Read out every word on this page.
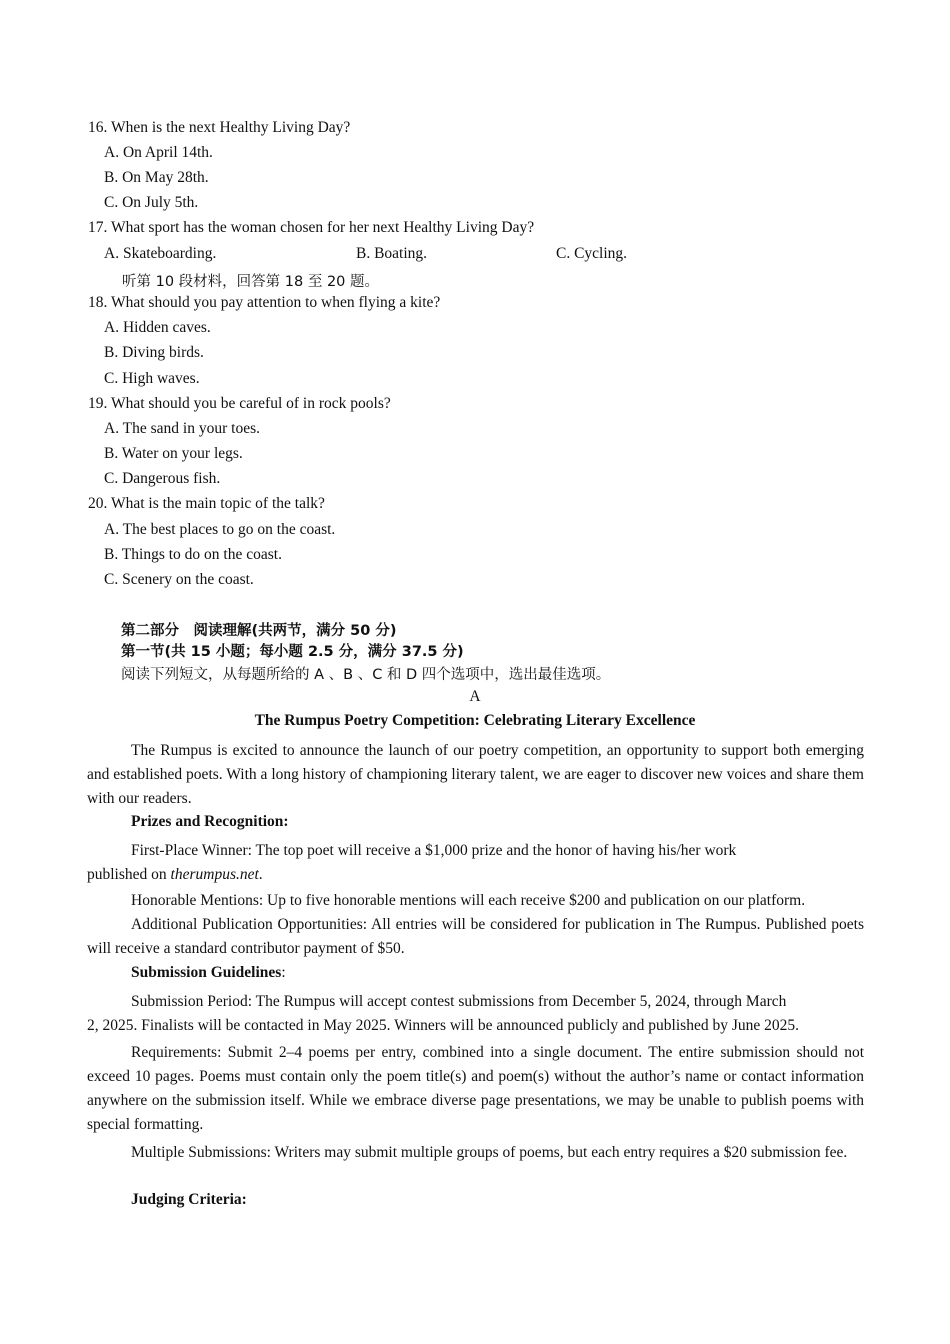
16. When is the next Healthy Living Day?
A. On April 14th.
B. On May 28th.
C. On July 5th.
17. What sport has the woman chosen for her next Healthy Living Day?
A. Skateboarding.	B. Boating.	C. Cycling.
听第 10 段材料，回答第 18 至 20 题。
18. What should you pay attention to when flying a kite?
A. Hidden caves.
B. Diving birds.
C. High waves.
19. What should you be careful of in rock pools?
A. The sand in your toes.
B. Water on your legs.
C. Dangerous fish.
20. What is the main topic of the talk?
A. The best places to go on the coast.
B. Things to do on the coast.
C. Scenery on the coast.
第二部分　阅读理解(共两节，满分 50 分)
第一节(共 15 小题；每小题 2.5 分，满分 37.5 分)
阅读下列短文，从每题所给的 A 、B 、C 和 D 四个选项中，选出最佳选项。
A
The Rumpus Poetry Competition: Celebrating Literary Excellence
The Rumpus is excited to announce the launch of our poetry competition, an opportunity to support both emerging and established poets. With a long history of championing literary talent, we are eager to discover new voices and share them with our readers.
Prizes and Recognition:
First-Place Winner: The top poet will receive a $1,000 prize and the honor of having his/her work
published on therumpus.net.
Honorable Mentions: Up to five honorable mentions will each receive $200 and publication on our platform.
Additional Publication Opportunities: All entries will be considered for publication in The Rumpus. Published poets will receive a standard contributor payment of $50.
Submission Guidelines:
Submission Period: The Rumpus will accept contest submissions from December 5, 2024, through March
2, 2025. Finalists will be contacted in May 2025. Winners will be announced publicly and published by June 2025.
Requirements: Submit 2–4 poems per entry, combined into a single document. The entire submission should not exceed 10 pages. Poems must contain only the poem title(s) and poem(s) without the author’s name or contact information anywhere on the submission itself. While we embrace diverse page presentations, we may be unable to publish poems with special formatting.
Multiple Submissions: Writers may submit multiple groups of poems, but each entry requires a $20 submission fee.
Judging Criteria:
